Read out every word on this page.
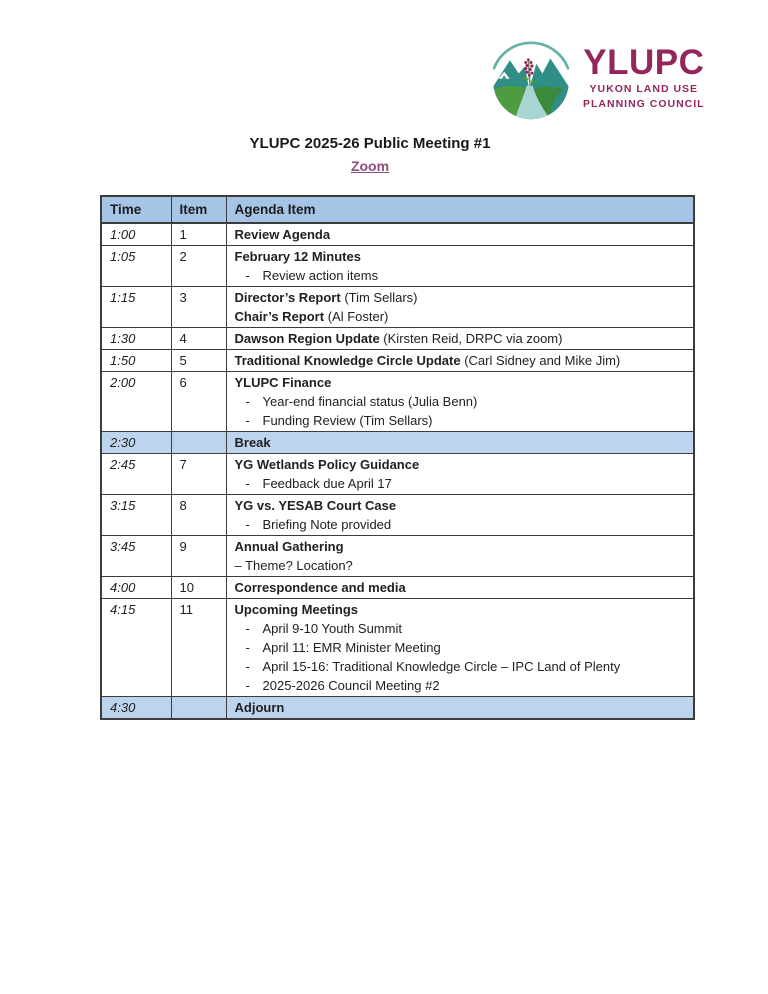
YLUPC
YUKON LAND USE
PLANNING COUNCIL
YLUPC 2025-26 Public Meeting #1
Zoom
Time	Item	Agenda Item
1:00	1	Review Agenda

1:05	2	February 12 Minutes
- Review action items

1:15	3	Director’s Report (Tim Sellars)
Chair’s Report (Al Foster)

1:30	4	Dawson Region Update (Kirsten Reid, DRPC via zoom)

1:50	5	Traditional Knowledge Circle Update (Carl Sidney and Mike Jim)

2:00	6	YLUPC Finance
- Year-end financial status (Julia Benn)
- Funding Review (Tim Sellars)

2:30		Break

2:45	7	YG Wetlands Policy Guidance
- Feedback due April 17

3:15	8	YG vs. YESAB Court Case
- Briefing Note provided

3:45	9	Annual Gathering
– Theme? Location?

4:00	10	Correspondence and media

4:15	11	Upcoming Meetings
- April 9-10 Youth Summit
- April 11: EMR Minister Meeting
- April 15-16: Traditional Knowledge Circle – IPC Land of Plenty
- 2025-2026 Council Meeting #2

4:30		Adjourn
